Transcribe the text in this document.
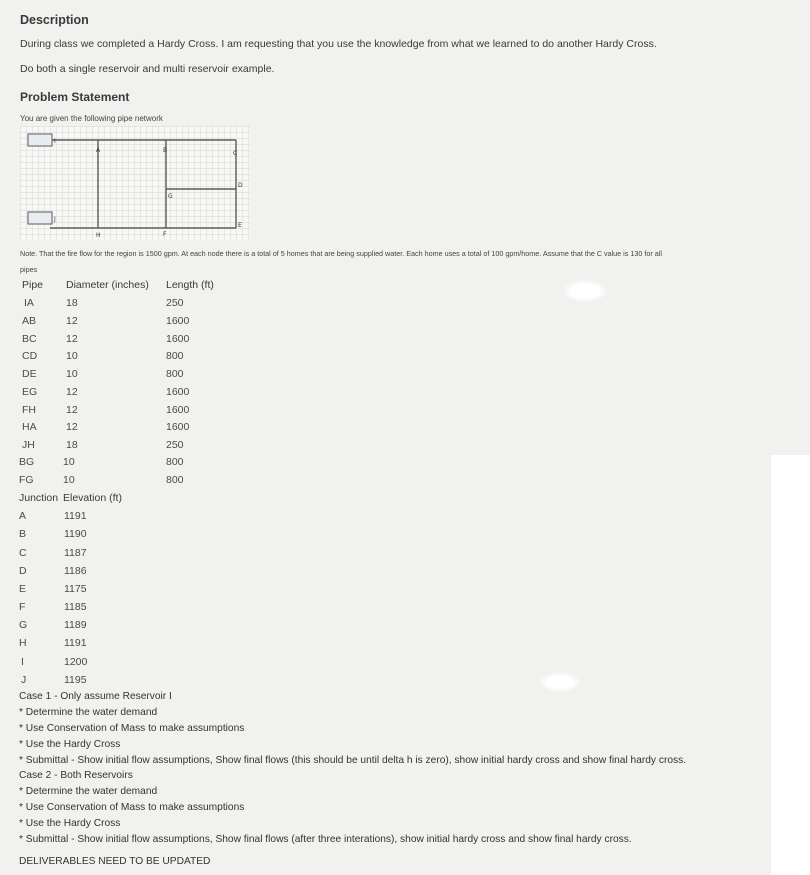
Description
During class we completed a Hardy Cross. I am requesting that you use the knowledge from what we learned to do another Hardy Cross.
Do both a single reservoir and multi reservoir example.
Problem Statement
You are given the following pipe network
I
J
A	B	C
D
E
F
G
H
Note. That the fire flow for the region is 1500 gpm. At each node there is a total of 5 homes that are being supplied water. Each home uses a total of 100 gpm/home. Assume that the C value is 130 for all
pipes
Pipe Diameter (inches) Length (ft)
IA	18	250
AB	12	1600
BC	12	1600
CD	10	800
DE	10	800
EG	12	1600
FH	12	1600
HA	12	1600
JH	18	250
BG	10	800
FG	10	800
Junction Elevation (ft)
A	1191
B	1190
C	1187
D	1186
E	1175
F	1185
G	1189
H	1191
I	1200
J	1195
Case 1 - Only assume Reservoir I
* Determine the water demand
* Use Conservation of Mass to make assumptions
* Use the Hardy Cross
* Submittal - Show initial flow assumptions, Show final flows (this should be until delta h is zero), show initial hardy cross and show final hardy cross.
Case 2 - Both Reservoirs
* Determine the water demand
* Use Conservation of Mass to make assumptions
* Use the Hardy Cross
* Submittal - Show initial flow assumptions, Show final flows (after three interations), show initial hardy cross and show final hardy cross.
DELIVERABLES NEED TO BE UPDATED
